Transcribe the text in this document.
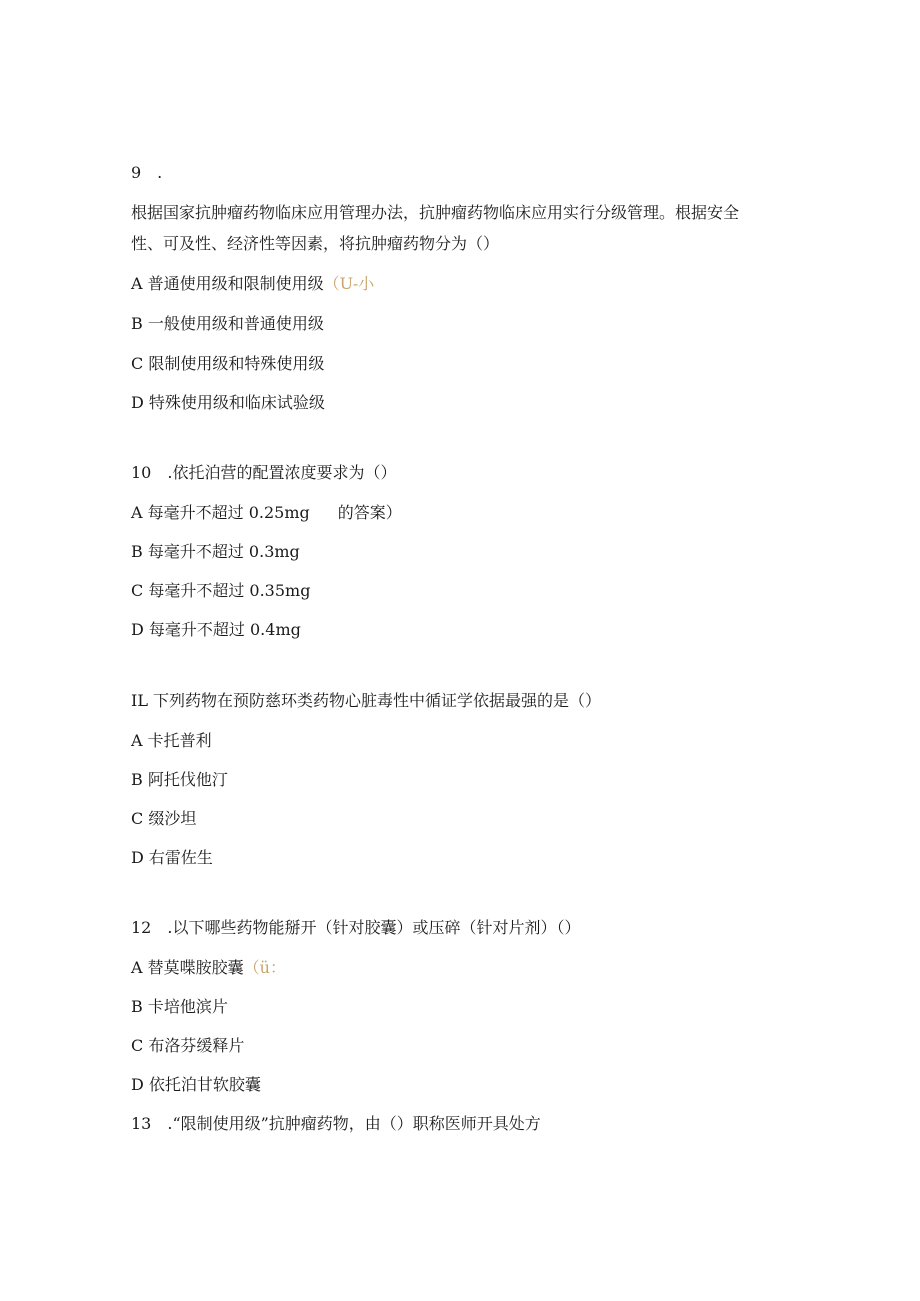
9　.
根据国家抗肿瘤药物临床应用管理办法，抗肿瘤药物临床应用实行分级管理。根据安全
性、可及性、经济性等因素，将抗肿瘤药物分为（）
A 普通使用级和限制使用级（U-小
B 一般使用级和普通使用级
C 限制使用级和特殊使用级
D 特殊使用级和临床试验级
10　.依托泊营的配置浓度要求为（）
A 每毫升不超过 0.25mg 的答案）
B 每毫升不超过 0.3mg
C 每毫升不超过 0.35mg
D 每毫升不超过 0.4mg
IL 下列药物在预防慈环类药物心脏毒性中循证学依据最强的是（）
A 卡托普利
B 阿托伐他汀
C 缀沙坦
D 右雷佐生
12　.以下哪些药物能掰开（针对胶囊）或压碎（针对片剂）（）
A 替莫喋胺胶囊（ü：
B 卡培他滨片
C 布洛芬缓释片
D 依托泊甘软胶囊
13　.“限制使用级”抗肿瘤药物，由（）职称医师开具处方
